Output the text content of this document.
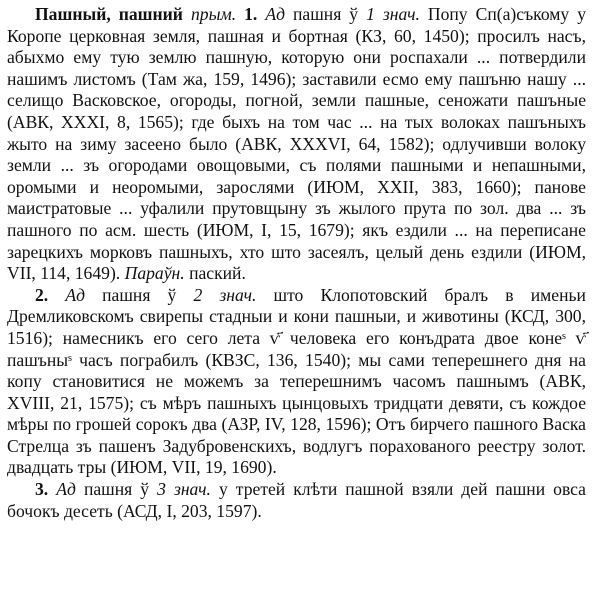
Пашный, пашний прым. 1. Ад пашня ў 1 знач. Попу Сп(а)съкому у Коропе церковная земля, пашная и бортная (КЗ, 60, 1450); просилъ насъ, абыхмо ему тую землю пашную, которую они роспахали ... потвердили нашимъ листомъ (Там жа, 159, 1496); заставили есмо ему пашъню нашу ... селищо Васковское, огороды, погной, земли пашные, сеножати пашъные (АВК, XXXI, 8, 1565); где быхъ на том час ... на тых волоках пашъныхъ жыто на зиму засеено было (АВК, XXXVI, 64, 1582); одлучивши волоку земли ... зъ огородами овощовыми, съ полями пашными и непашными, оромыми и неоромыми, зарослями (ИЮМ, XXII, 383, 1660); панове маистратовые ... уфалили прутовщыну зъ жылого прута по зол. два ... зъ пашного по асм. шесть (ИЮМ, I, 15, 1679); якъ ездили ... на переписане зарецкихъ морковъ пашныхъ, хто што засеялъ, целый день ездили (ИЮМ, VII, 114, 1649). Параўн. паский.

2. Ад пашня ў 2 знач. што Клопотовский бралъ в именьи Дремликовскомъ свирепы стадныи и кони пашныи, и животины (КСД, 300, 1516); намесникъ его сего лета ѵ҃ человека его конъдрата двое конеˢ ѵ҃ пашъныˢ часъ пограбилъ (КВЗС, 136, 1540); мы сами теперешнего дня на копу становитися не можемъ за теперешнимъ часомъ пашнымъ (АВК, XVIII, 21, 1575); съ мѣръ пашныхъ цынцовыхъ тридцати девяти, съ кождое мѣры по грошей сорокъ два (АЗР, IV, 128, 1596); Отъ бирчего пашного Васка Стрелца зъ пашенъ Задубровенскихъ, водлугъ порахованого реестру золот. двадцать тры (ИЮМ, VII, 19, 1690).

3. Ад пашня ў 3 знач. у третей клѣти пашной взяли дей пашни овса бочокъ десеть (АСД, I, 203, 1597).
